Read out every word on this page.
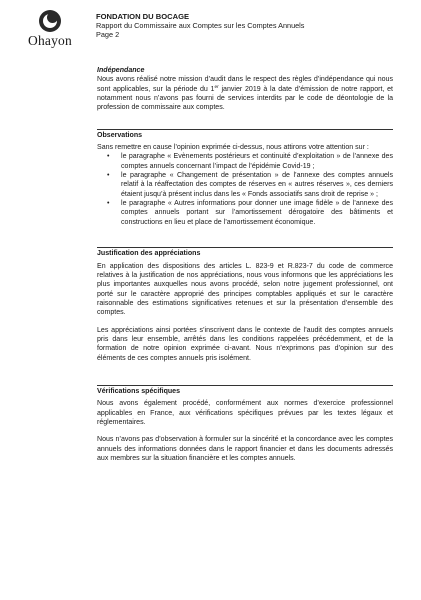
Ohayon
FONDATION DU BOCAGE
Rapport du Commissaire aux Comptes sur les Comptes Annuels
Page 2
Indépendance

Nous avons réalisé notre mission d’audit dans le respect des règles d’indépendance qui nous sont applicables, sur la période du 1er janvier 2019 à la date d’émission de notre rapport, et notamment nous n’avons pas fourni de services interdits par le code de déontologie de la profession de commissaire aux comptes.

Observations

Sans remettre en cause l’opinion exprimée ci-dessus, nous attirons votre attention sur :

• le paragraphe « Evènements postérieurs et continuité d’exploitation » de l’annexe des comptes annuels concernant l’impact de l’épidémie Covid-19 ;
• le paragraphe « Changement de présentation » de l’annexe des comptes annuels relatif à la réaffectation des comptes de réserves en « autres réserves », ces derniers étaient jusqu’à présent inclus dans les « Fonds associatifs sans droit de reprise » ;
• le paragraphe « Autres informations pour donner une image fidèle » de l’annexe des comptes annuels portant sur l’amortissement dérogatoire des bâtiments et constructions en lieu et place de l’amortissement économique.
Justification des appréciations

En application des dispositions des articles L. 823-9 et R.823-7 du code de commerce relatives à la justification de nos appréciations, nous vous informons que les appréciations les plus importantes auxquelles nous avons procédé, selon notre jugement professionnel, ont porté sur le caractère approprié des principes comptables appliqués et sur le caractère raisonnable des estimations significatives retenues et sur la présentation d’ensemble des comptes.

Les appréciations ainsi portées s’inscrivent dans le contexte de l’audit des comptes annuels pris dans leur ensemble, arrêtés dans les conditions rappelées précédemment, et de la formation de notre opinion exprimée ci-avant. Nous n’exprimons pas d’opinion sur des éléments de ces comptes annuels pris isolément.

Vérifications spécifiques

Nous avons également procédé, conformément aux normes d’exercice professionnel applicables en France, aux vérifications spécifiques prévues par les textes légaux et réglementaires.

Nous n’avons pas d’observation à formuler sur la sincérité et la concordance avec les comptes annuels des informations données dans le rapport financier et dans les documents adressés aux membres sur la situation financière et les comptes annuels.
